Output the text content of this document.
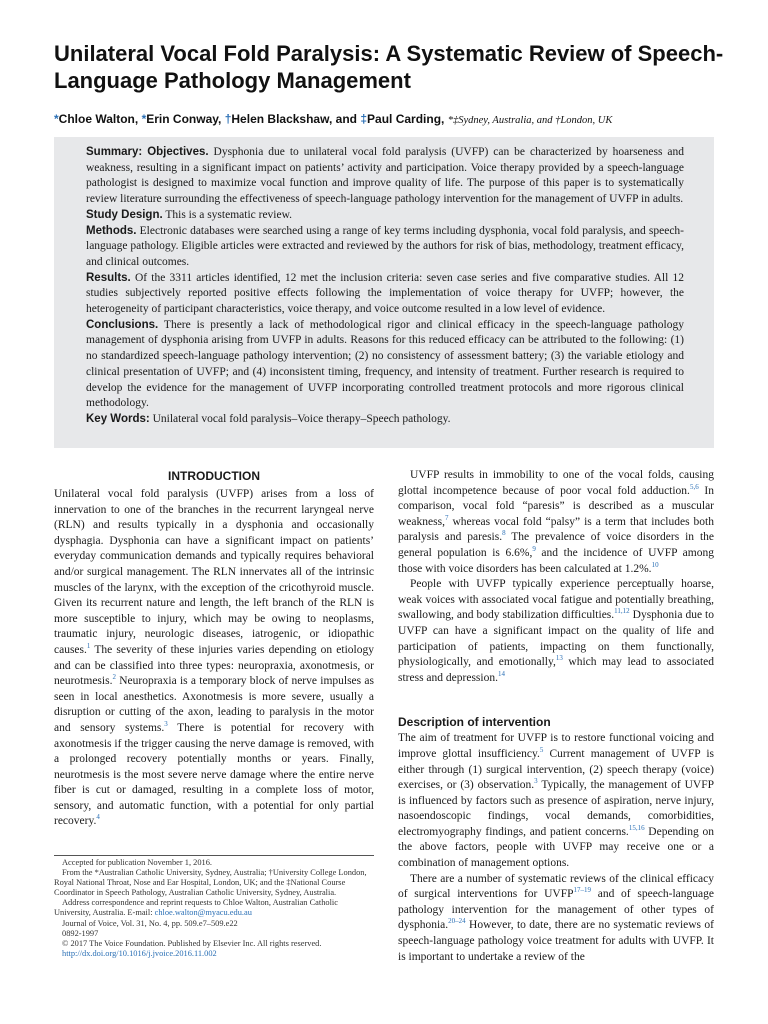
Unilateral Vocal Fold Paralysis: A Systematic Review of Speech-Language Pathology Management
*Chloe Walton, *Erin Conway, †Helen Blackshaw, and ‡Paul Carding, *‡Sydney, Australia, and †London, UK

Summary: Objectives. Dysphonia due to unilateral vocal fold paralysis (UVFP) can be characterized by hoarseness and weakness, resulting in a significant impact on patients’ activity and participation. Voice therapy provided by a speech-language pathologist is designed to maximize vocal function and improve quality of life. The purpose of this paper is to systematically review literature surrounding the effectiveness of speech-language pathology intervention for the management of UVFP in adults.

Study Design. This is a systematic review.

Methods. Electronic databases were searched using a range of key terms including dysphonia, vocal fold paralysis, and speech-language pathology. Eligible articles were extracted and reviewed by the authors for risk of bias, methodology, treatment efficacy, and clinical outcomes.

Results. Of the 3311 articles identified, 12 met the inclusion criteria: seven case series and five comparative studies. All 12 studies subjectively reported positive effects following the implementation of voice therapy for UVFP; however, the heterogeneity of participant characteristics, voice therapy, and voice outcome resulted in a low level of evidence.

Conclusions. There is presently a lack of methodological rigor and clinical efficacy in the speech-language pathology management of dysphonia arising from UVFP in adults. Reasons for this reduced efficacy can be attributed to the following: (1) no standardized speech-language pathology intervention; (2) no consistency of assessment battery; (3) the variable etiology and clinical presentation of UVFP; and (4) inconsistent timing, frequency, and intensity of treatment. Further research is required to develop the evidence for the management of UVFP incorporating controlled treatment protocols and more rigorous clinical methodology.

Key Words: Unilateral vocal fold paralysis–Voice therapy–Speech pathology.

INTRODUCTION

Unilateral vocal fold paralysis (UVFP) arises from a loss of innervation to one of the branches in the recurrent laryngeal nerve (RLN) and results typically in a dysphonia and occasionally dysphagia. Dysphonia can have a significant impact on patients’ everyday communication demands and typically requires behavioral and/or surgical management. The RLN innervates all of the intrinsic muscles of the larynx, with the exception of the cricothyroid muscle. Given its recurrent nature and length, the left branch of the RLN is more susceptible to injury, which may be owing to neoplasms, traumatic injury, neurologic diseases, iatrogenic, or idiopathic causes.$^1$ The severity of these injuries varies depending on etiology and can be classified into three types: neuropraxia, axonotmesis, or neurotmesis.$^2$ Neuropraxia is a temporary block of nerve impulses as seen in local anesthetics. Axonotmesis is more severe, usually a disruption or cutting of the axon, leading to paralysis in the motor and sensory systems.$^3$ There is potential for recovery with axonotmesis if the trigger causing the nerve damage is removed, with a prolonged recovery potentially months or years. Finally, neurotmesis is the most severe nerve damage where the entire nerve fiber is cut or damaged, resulting in a complete loss of motor, sensory, and automatic function, with a potential for only partial recovery.$^4$

Accepted for publication November 1, 2016.

From the *Australian Catholic University, Sydney, Australia; †University College London, Royal National Throat, Nose and Ear Hospital, London, UK; and the ‡National Course Coordinator in Speech Pathology, Australian Catholic University, Sydney, Australia.

Address correspondence and reprint requests to Chloe Walton, Australian Catholic University, Australia. E-mail: chloe.walton@myacu.edu.au

Journal of Voice, Vol. 31, No. 4, pp. 509.e7–509.e22

0892-1997

© 2017 The Voice Foundation. Published by Elsevier Inc. All rights reserved.

http://dx.doi.org/10.1016/j.jvoice.2016.11.002

UVFP results in immobility to one of the vocal folds, causing glottal incompetence because of poor vocal fold adduction.$^{5,6}$ In comparison, vocal fold “paresis” is described as a muscular weakness,$^7$ whereas vocal fold “palsy” is a term that includes both paralysis and paresis.$^8$ The prevalence of voice disorders in the general population is 6.6%,$^9$ and the incidence of UVFP among those with voice disorders has been calculated at 1.2%.$^{10}$

People with UVFP typically experience perceptually hoarse, weak voices with associated vocal fatigue and potentially breathing, swallowing, and body stabilization difficulties.$^{11,12}$ Dysphonia due to UVFP can have a significant impact on the quality of life and participation of patients, impacting on them functionally, physiologically, and emotionally,$^{13}$ which may lead to associated stress and depression.$^{14}$

Description of intervention

The aim of treatment for UVFP is to restore functional voicing and improve glottal insufficiency.$^5$ Current management of UVFP is either through (1) surgical intervention, (2) speech therapy (voice) exercises, or (3) observation.$^3$ Typically, the management of UVFP is influenced by factors such as presence of aspiration, nerve injury, nasoendoscopic findings, vocal demands, comorbidities, electromyography findings, and patient concerns.$^{15,16}$ Depending on the above factors, people with UVFP may receive one or a combination of management options.

There are a number of systematic reviews of the clinical efficacy of surgical interventions for UVFP$^{17-19}$ and of speech-language pathology intervention for the management of other types of dysphonia.$^{20-24}$ However, to date, there are no systematic reviews of speech-language pathology voice treatment for adults with UVFP. It is important to undertake a review of the
